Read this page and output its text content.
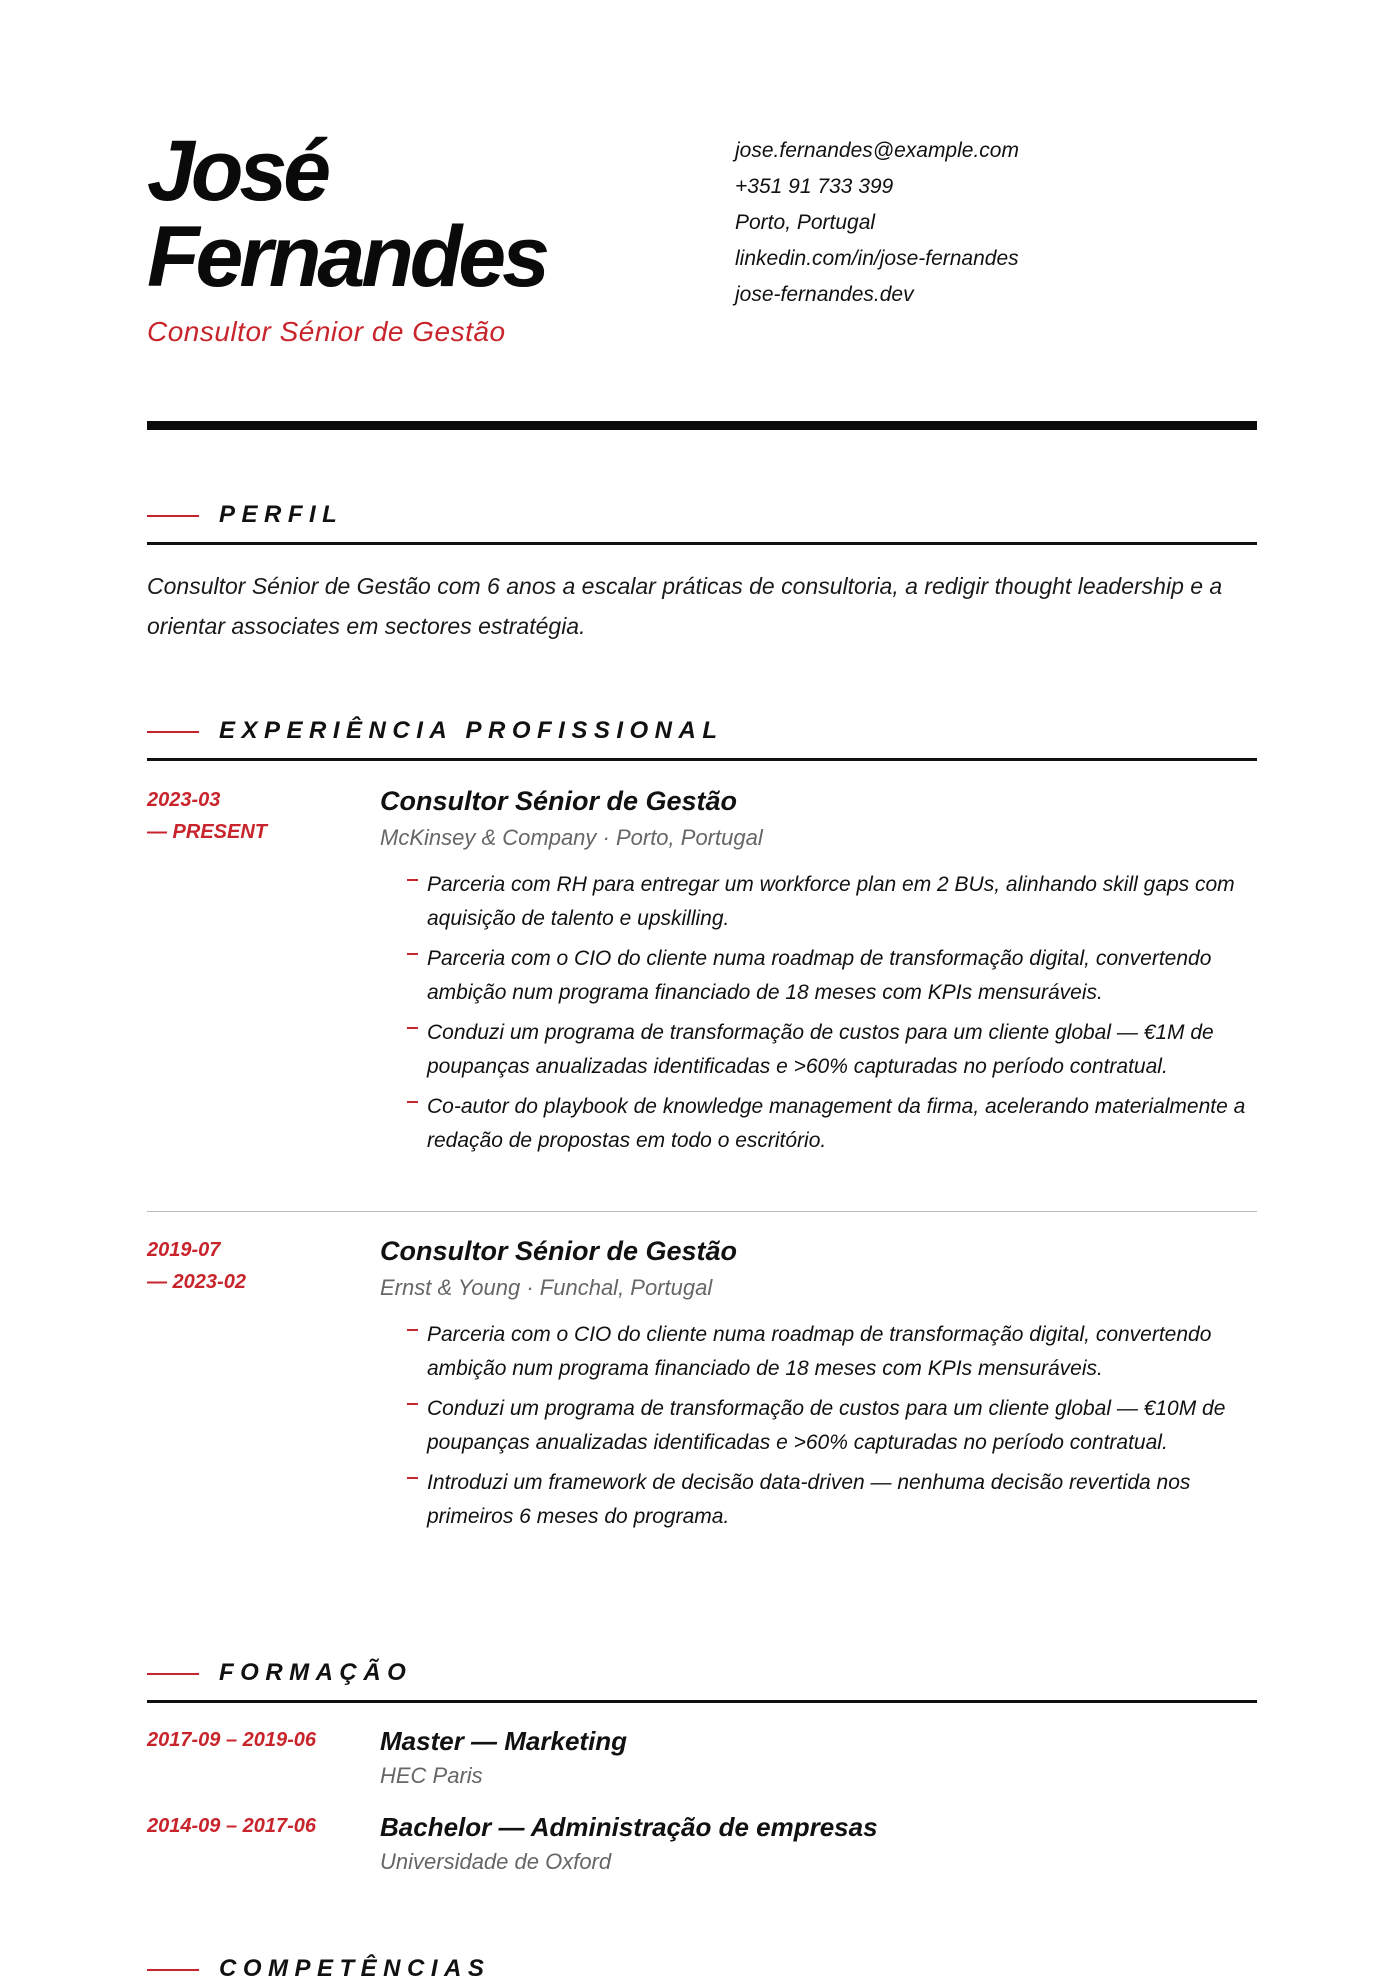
José
Fernandes
Consultor Sénior de Gestão
jose.fernandes@example.com
+351 91 733 399
Porto, Portugal
linkedin.com/in/jose-fernandes
jose-fernandes.dev
PERFIL
Consultor Sénior de Gestão com 6 anos a escalar práticas de consultoria, a redigir thought leadership e a orientar associates em sectores estratégia.
EXPERIÊNCIA PROFISSIONAL
2023-03
— PRESENT
Consultor Sénior de Gestão
McKinsey & Company · Porto, Portugal
Parceria com RH para entregar um workforce plan em 2 BUs, alinhando skill gaps com aquisição de talento e upskilling.
Parceria com o CIO do cliente numa roadmap de transformação digital, convertendo ambição num programa financiado de 18 meses com KPIs mensuráveis.
Conduzi um programa de transformação de custos para um cliente global — €1M de poupanças anualizadas identificadas e >60% capturadas no período contratual.
Co-autor do playbook de knowledge management da firma, acelerando materialmente a redação de propostas em todo o escritório.
2019-07
— 2023-02
Consultor Sénior de Gestão
Ernst & Young · Funchal, Portugal
Parceria com o CIO do cliente numa roadmap de transformação digital, convertendo ambição num programa financiado de 18 meses com KPIs mensuráveis.
Conduzi um programa de transformação de custos para um cliente global — €10M de poupanças anualizadas identificadas e >60% capturadas no período contratual.
Introduzi um framework de decisão data-driven — nenhuma decisão revertida nos primeiros 6 meses do programa.
FORMAÇÃO
2017-09 – 2019-06	Master — Marketing
HEC Paris
2014-09 – 2017-06	Bachelor — Administração de empresas
Universidade de Oxford
COMPETÊNCIAS
